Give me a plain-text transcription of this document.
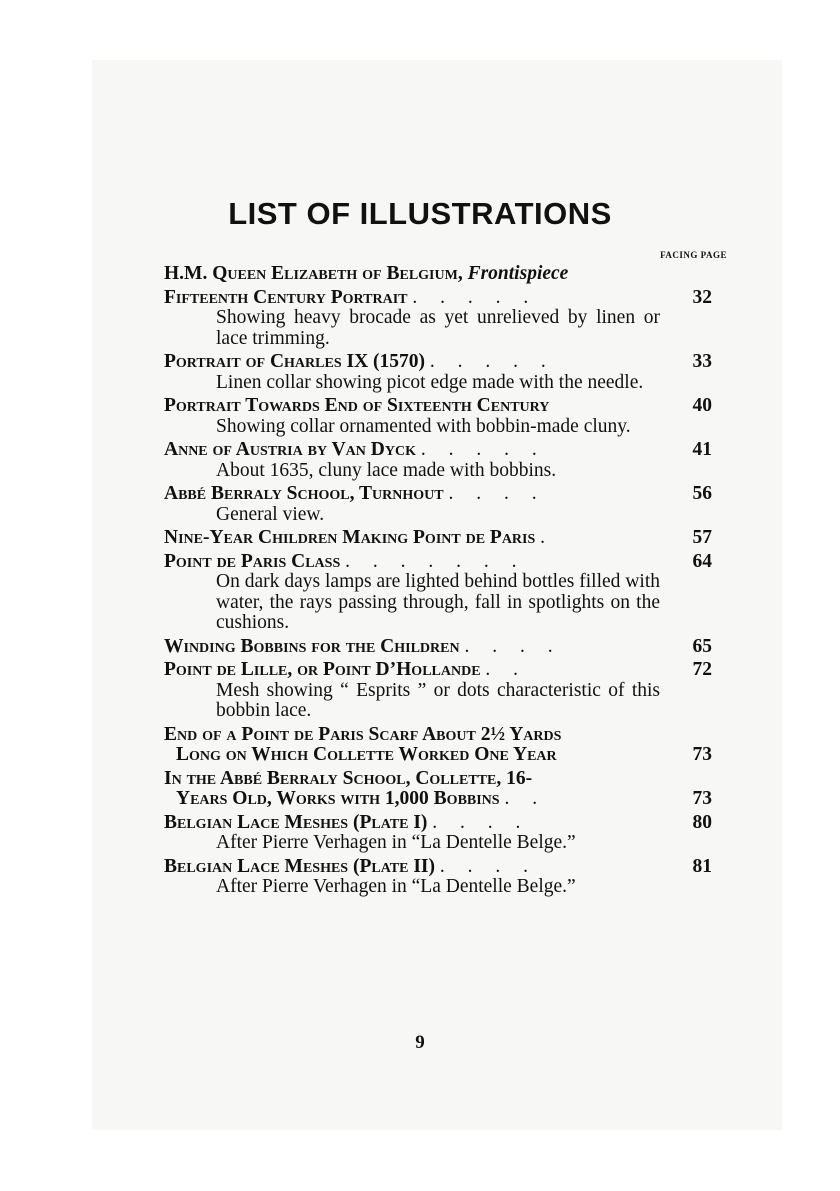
LIST OF ILLUSTRATIONS
FACING PAGE
H.M. Queen Elizabeth of Belgium, Frontispiece
Fifteenth Century Portrait . . . . .	32
Showing heavy brocade as yet unrelieved by linen or lace trimming.
Portrait of Charles IX (1570) . . . . .	33
Linen collar showing picot edge made with the needle.
Portrait Towards End of Sixteenth Century	40
Showing collar ornamented with bobbin-made cluny.
Anne of Austria by Van Dyck . . . . .	41
About 1635, cluny lace made with bobbins.
Abbé Berraly School, Turnhout . . . .	56
General view.
Nine-Year Children Making Point de Paris .	57
Point de Paris Class . . . . . . .	64
On dark days lamps are lighted behind bottles filled with water, the rays passing through, fall in spotlights on the cushions.
Winding Bobbins for the Children . . . .	65
Point de Lille, or Point D’Hollande . .	72
Mesh showing “ Esprits ” or dots characteristic of this bobbin lace.
End of a Point de Paris Scarf About 2½ Yards
Long on Which Collette Worked One Year	73
In the Abbé Berraly School, Collette, 16-
Years Old, Works with 1,000 Bobbins . .	73
Belgian Lace Meshes (Plate I) . . . .	80
After Pierre Verhagen in “La Dentelle Belge.”
Belgian Lace Meshes (Plate II) . . . .	81
After Pierre Verhagen in “La Dentelle Belge.”
9
